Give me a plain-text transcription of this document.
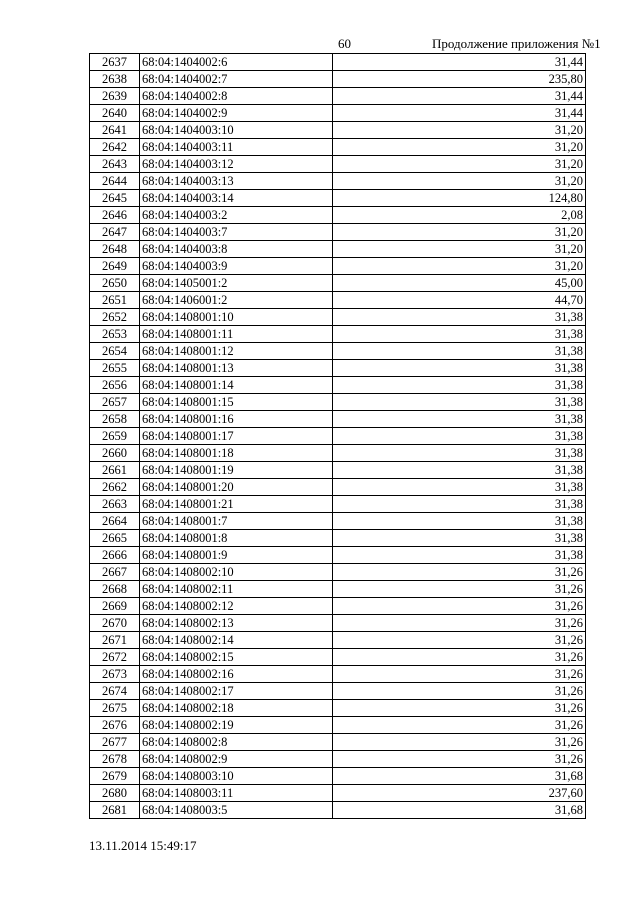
60	Продолжение приложения №1
2637	68:04:1404002:6	31,44
2638	68:04:1404002:7	235,80
2639	68:04:1404002:8	31,44
2640	68:04:1404002:9	31,44
2641	68:04:1404003:10	31,20
2642	68:04:1404003:11	31,20
2643	68:04:1404003:12	31,20
2644	68:04:1404003:13	31,20
2645	68:04:1404003:14	124,80
2646	68:04:1404003:2	2,08
2647	68:04:1404003:7	31,20
2648	68:04:1404003:8	31,20
2649	68:04:1404003:9	31,20
2650	68:04:1405001:2	45,00
2651	68:04:1406001:2	44,70
2652	68:04:1408001:10	31,38
2653	68:04:1408001:11	31,38
2654	68:04:1408001:12	31,38
2655	68:04:1408001:13	31,38
2656	68:04:1408001:14	31,38
2657	68:04:1408001:15	31,38
2658	68:04:1408001:16	31,38
2659	68:04:1408001:17	31,38
2660	68:04:1408001:18	31,38
2661	68:04:1408001:19	31,38
2662	68:04:1408001:20	31,38
2663	68:04:1408001:21	31,38
2664	68:04:1408001:7	31,38
2665	68:04:1408001:8	31,38
2666	68:04:1408001:9	31,38
2667	68:04:1408002:10	31,26
2668	68:04:1408002:11	31,26
2669	68:04:1408002:12	31,26
2670	68:04:1408002:13	31,26
2671	68:04:1408002:14	31,26
2672	68:04:1408002:15	31,26
2673	68:04:1408002:16	31,26
2674	68:04:1408002:17	31,26
2675	68:04:1408002:18	31,26
2676	68:04:1408002:19	31,26
2677	68:04:1408002:8	31,26
2678	68:04:1408002:9	31,26
2679	68:04:1408003:10	31,68
2680	68:04:1408003:11	237,60
2681	68:04:1408003:5	31,68
13.11.2014 15:49:17
